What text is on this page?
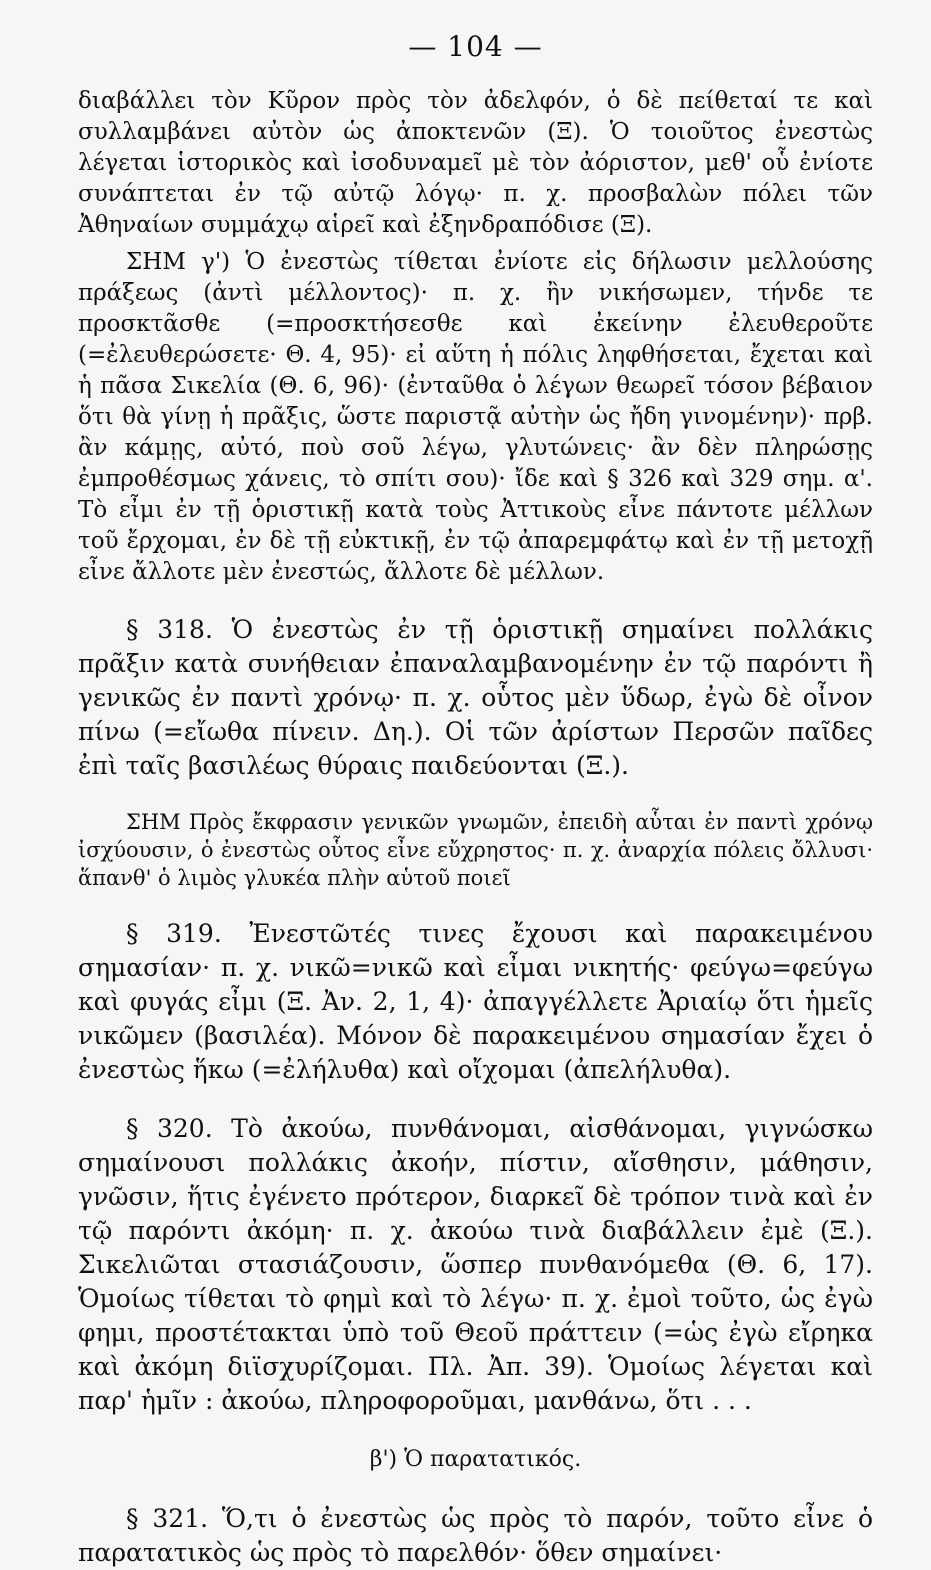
— 104 —

διαβάλλει τὸν Κῦρον πρὸς τὸν ἀδελφόν, ὁ δὲ πείθεταί τε καὶ συλλαμβάνει αὐτὸν ὡς ἀποκτενῶν (Ξ). Ὁ τοιοῦτος ἐνεστὼς λέγεται ἱστορικὸς καὶ ἰσοδυναμεῖ μὲ τὸν ἀόριστον, μεθ' οὗ ἐνίοτε συνάπτεται ἐν τῷ αὐτῷ λόγῳ· π. χ. προσβαλὼν πόλει τῶν Ἀθηναίων συμμάχῳ αἱρεῖ καὶ ἐξηνδραπόδισε (Ξ).

ΣΗΜ γ') Ὁ ἐνεστὼς τίθεται ἐνίοτε εἰς δήλωσιν μελλούσης πράξεως (ἀντὶ μέλλοντος)· π. χ. ἢν νικήσωμεν, τήνδε τε προσκτᾶσθε (=προσκτήσεσθε καὶ ἐκείνην ἐλευθεροῦτε (=ἐλευθερώσετε· Θ. 4, 95)· εἰ αὕτη ἡ πόλις ληφθήσεται, ἔχεται καὶ ἡ πᾶσα Σικελία (Θ. 6, 96)· (ἐνταῦθα ὁ λέγων θεωρεῖ τόσον βέβαιον ὅτι θὰ γίνῃ ἡ πρᾶξις, ὥστε παριστᾷ αὐτὴν ὡς ἤδη γινομένην)· πρβ. ἂν κάμῃς, αὐτό, ποὺ σοῦ λέγω, γλυτώνεις· ἂν δὲν πληρώσῃς ἐμπροθέσμως χάνεις, τὸ σπίτι σου)· ἴδε καὶ § 326 καὶ 329 σημ. α'. Τὸ εἶμι ἐν τῇ ὁριστικῇ κατὰ τοὺς Ἀττικοὺς εἶνε πάντοτε μέλλων τοῦ ἔρχομαι, ἐν δὲ τῇ εὐκτικῇ, ἐν τῷ ἀπαρεμφάτῳ καὶ ἐν τῇ μετοχῇ εἶνε ἄλλοτε μὲν ἐνεστώς, ἄλλοτε δὲ μέλλων.

§ 318. Ὁ ἐνεστὼς ἐν τῇ ὁριστικῇ σημαίνει πολλάκις πρᾶξιν κατὰ συνήθειαν ἐπαναλαμβανομένην ἐν τῷ παρόντι ἢ γενικῶς ἐν παντὶ χρόνῳ· π. χ. οὗτος μὲν ὕδωρ, ἐγὼ δὲ οἶνον πίνω (=εἴωθα πίνειν. Δη.). Οἱ τῶν ἀρίστων Περσῶν παῖδες ἐπὶ ταῖς βασιλέως θύραις παιδεύονται (Ξ.).

ΣΗΜ Πρὸς ἔκφρασιν γενικῶν γνωμῶν, ἐπειδὴ αὗται ἐν παντὶ χρόνῳ ἰσχύουσιν, ὁ ἐνεστὼς οὗτος εἶνε εὔχρηστος· π. χ. ἀναρχία πόλεις ὄλλυσι· ἅπανθ' ὁ λιμὸς γλυκέα πλὴν αὑτοῦ ποιεῖ

§ 319. Ἐνεστῶτές τινες ἔχουσι καὶ παρακειμένου σημασίαν· π. χ. νικῶ=νικῶ καὶ εἶμαι νικητής· φεύγω=φεύγω καὶ φυγάς εἶμι (Ξ. Ἀν. 2, 1, 4)· ἀπαγγέλλετε Ἀριαίῳ ὅτι ἡμεῖς νικῶμεν (βασιλέα). Μόνον δὲ παρακειμένου σημασίαν ἔχει ὁ ἐνεστὼς ἥκω (=ἐλήλυθα) καὶ οἴχομαι (ἀπελήλυθα).

§ 320. Τὸ ἀκούω, πυνθάνομαι, αἰσθάνομαι, γιγνώσκω σημαίνουσι πολλάκις ἀκοήν, πίστιν, αἴσθησιν, μάθησιν, γνῶσιν, ἥτις ἐγένετο πρότερον, διαρκεῖ δὲ τρόπον τινὰ καὶ ἐν τῷ παρόντι ἀκόμη· π. χ. ἀκούω τινὰ διαβάλλειν ἐμὲ (Ξ.). Σικελιῶται στασιάζουσιν, ὥσπερ πυνθανόμεθα (Θ. 6, 17). Ὁμοίως τίθεται τὸ φημὶ καὶ τὸ λέγω· π. χ. ἐμοὶ τοῦτο, ὡς ἐγὼ φημι, προστέτακται ὑπὸ τοῦ Θεοῦ πράττειν (=ὡς ἐγὼ εἴρηκα καὶ ἀκόμη διϊσχυρίζομαι. Πλ. Ἀπ. 39). Ὁμοίως λέγεται καὶ παρ' ἡμῖν : ἀκούω, πληροφοροῦμαι, μανθάνω, ὅτι . . .

β') Ὁ παρατατικός.

§ 321. Ὅ,τι ὁ ἐνεστὼς ὡς πρὸς τὸ παρόν, τοῦτο εἶνε ὁ παρατατικὸς ὡς πρὸς τὸ παρελθόν· ὅθεν σημαίνει·
